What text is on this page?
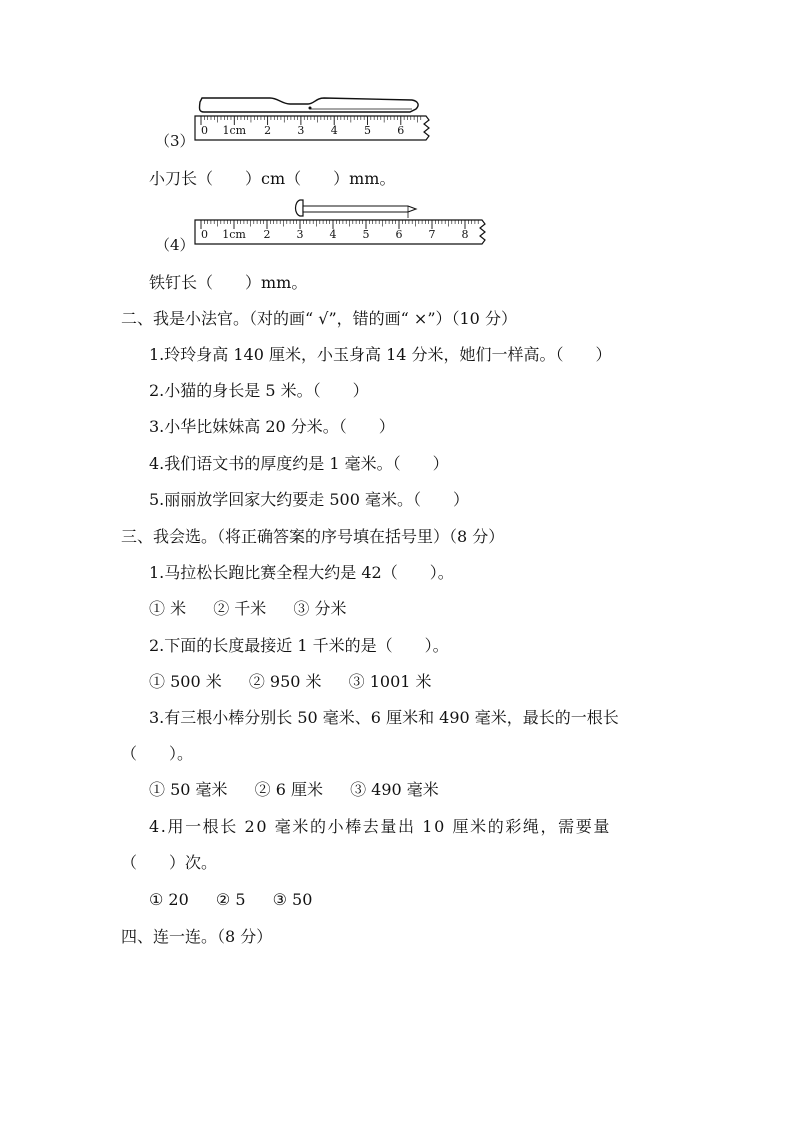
0 1cm 2 3 4 5 6
（3）
小刀长（　　）cm（　　）mm。
0 1cm 2 3 4 5 6 7 8
（4）
铁钉长（　　）mm。
二、我是小法官。（对的画“ √”，错的画“ ×”）（10 分）
1.玲玲身高 140 厘米，小玉身高 14 分米，她们一样高。（　　）
2.小猫的身长是 5 米。（　　）
3.小华比妹妹高 20 分米。（　　）
4.我们语文书的厚度约是 1 毫米。（　　）
5.丽丽放学回家大约要走 500 毫米。（　　）
三、我会选。（将正确答案的序号填在括号里）（8 分）
1.马拉松长跑比赛全程大约是 42（　　）。
① 米 ② 千米 ③ 分米
2.下面的长度最接近 1 千米的是（　　）。
① 500 米 ② 950 米 ③ 1001 米
3.有三根小棒分别长 50 毫米、6 厘米和 490 毫米，最长的一根长
（　　）。
① 50 毫米 ② 6 厘米 ③ 490 毫米
4.用一根长 20 毫米的小棒去量出 10 厘米的彩绳，需要量
（　　）次。
① 20 ② 5 ③ 50
四、连一连。（8 分）
